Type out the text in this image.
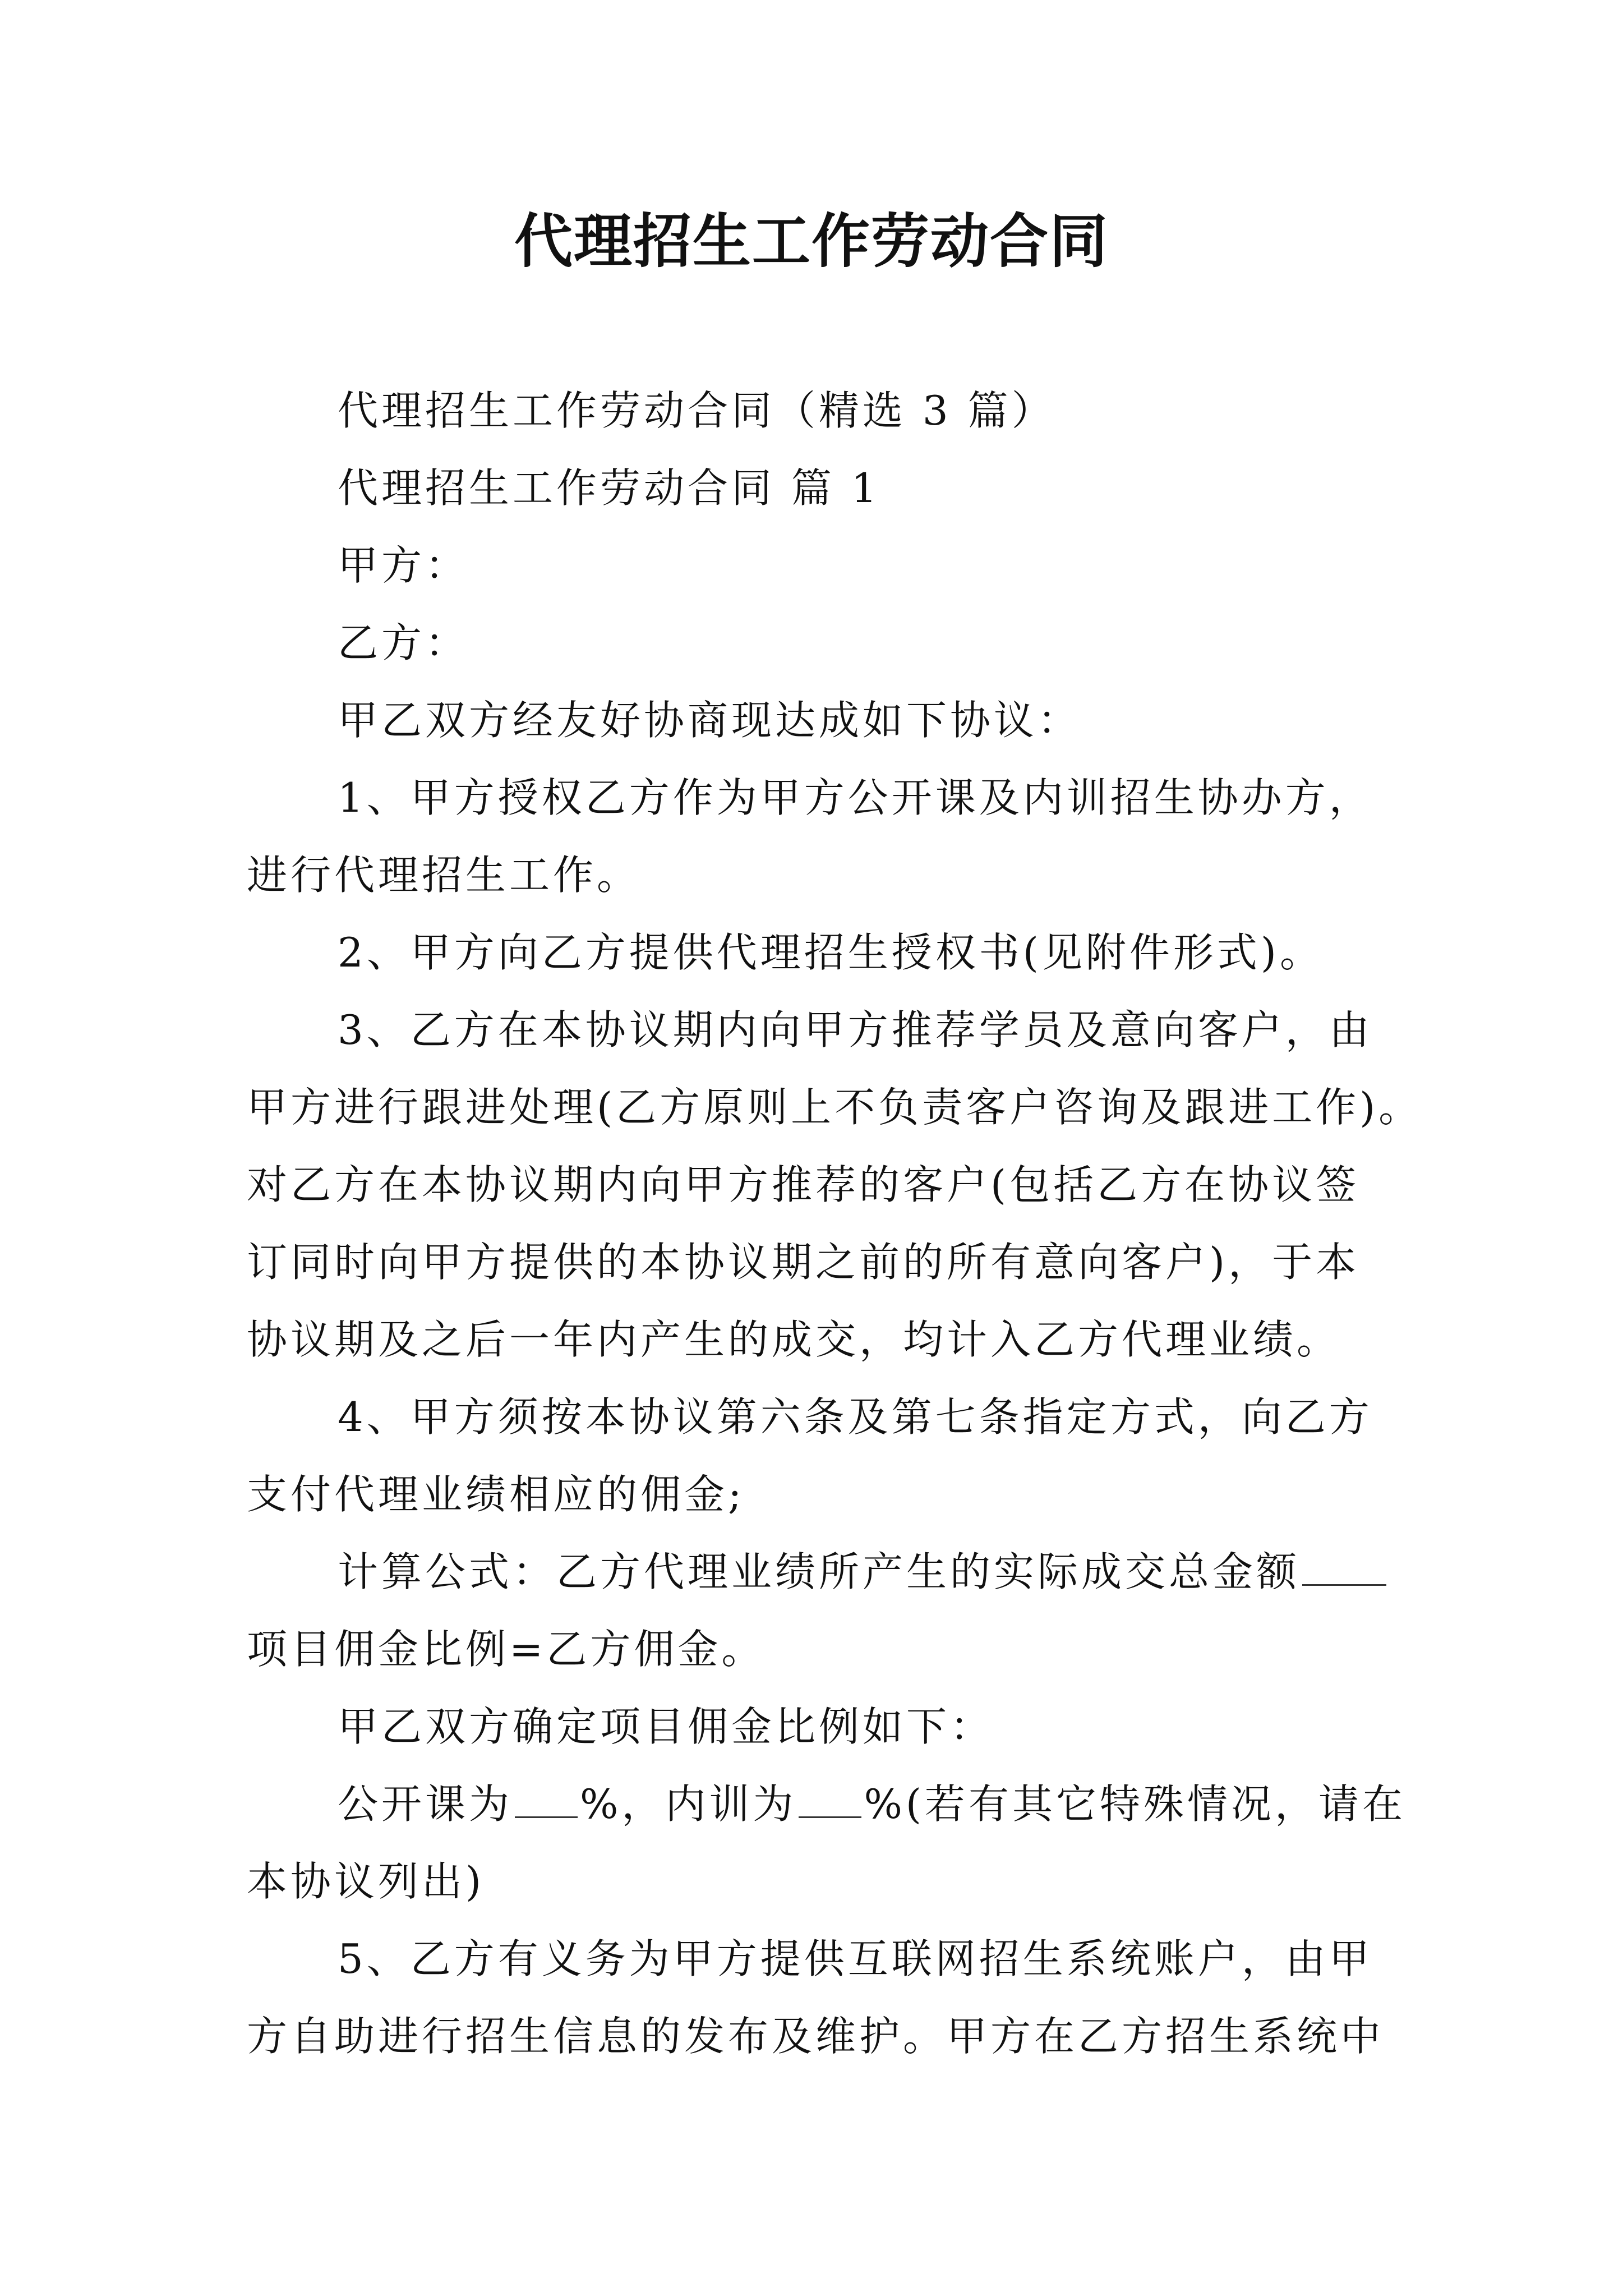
代理招生工作劳动合同
代理招生工作劳动合同（精选 3 篇）
代理招生工作劳动合同 篇 1
甲方：
乙方：
甲乙双方经友好协商现达成如下协议：
1、甲方授权乙方作为甲方公开课及内训招生协办方，
进行代理招生工作。
2、甲方向乙方提供代理招生授权书(见附件形式)。
3、乙方在本协议期内向甲方推荐学员及意向客户，由
甲方进行跟进处理(乙方原则上不负责客户咨询及跟进工作)。
对乙方在本协议期内向甲方推荐的客户(包括乙方在协议签
订同时向甲方提供的本协议期之前的所有意向客户)，于本
协议期及之后一年内产生的成交，均计入乙方代理业绩。
4、甲方须按本协议第六条及第七条指定方式，向乙方
支付代理业绩相应的佣金;
计算公式：乙方代理业绩所产生的实际成交总金额
项目佣金比例=乙方佣金。
甲乙双方确定项目佣金比例如下：
公开课为 %，内训为 %(若有其它特殊情况，请在
本协议列出)
5、乙方有义务为甲方提供互联网招生系统账户，由甲
方自助进行招生信息的发布及维护。甲方在乙方招生系统中
